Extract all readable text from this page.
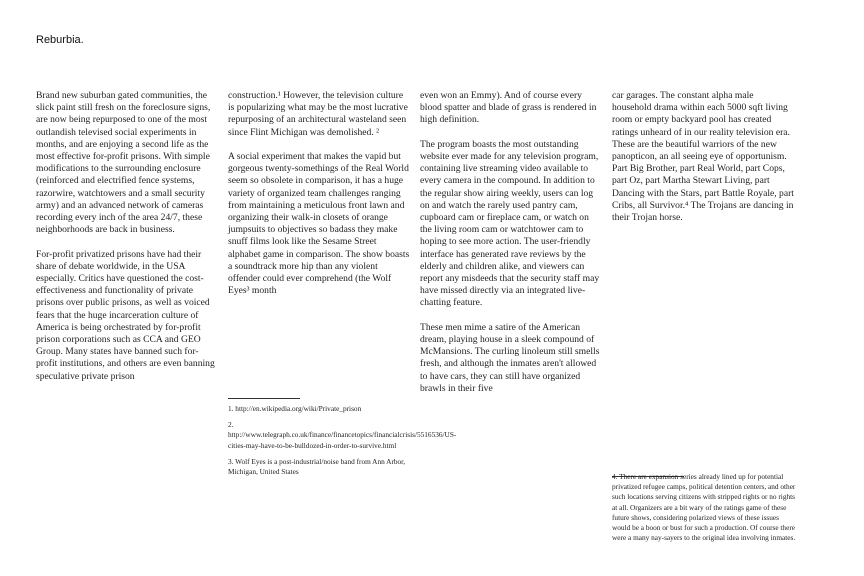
Reburbia.

Brand new suburban gated communities, the slick paint still fresh on the foreclosure signs, are now being repurposed to one of the most outlandish televised social experiments in months, and are enjoying a second life as the most effective for-profit prisons. With simple modifications to the surrounding enclosure (reinforced and electrified fence systems, razorwire, watchtowers and a small security army) and an advanced network of cameras recording every inch of the area 24/7, these neighborhoods are back in business.

For-profit privatized prisons have had their share of debate worldwide, in the USA especially. Critics have questioned the cost-effectiveness and functionality of private prisons over public prisons, as well as voiced fears that the huge incarceration culture of America is being orchestrated by for-profit prison corporations such as CCA and GEO Group. Many states have banned such for-profit institutions, and others are even banning speculative private prison

construction.¹ However, the television culture is popularizing what may be the most lucrative repurposing of an architectural wasteland seen since Flint Michigan was demolished. ²

A social experiment that makes the vapid but gorgeous twenty-somethings of the Real World seem so obsolete in comparison, it has a huge variety of organized team challenges ranging from maintaining a meticulous front lawn and organizing their walk-in closets of orange jumpsuits to objectives so badass they make snuff films look like the Sesame Street alphabet game in comparison. The show boasts a soundtrack more hip than any violent offender could ever comprehend (the Wolf Eyes³ month

even won an Emmy). And of course every blood spatter and blade of grass is rendered in high definition.

The program boasts the most outstanding website ever made for any television program, containing live streaming video available to every camera in the compound. In addition to the regular show airing weekly, users can log on and watch the rarely used pantry cam, cupboard cam or fireplace cam, or watch on the living room cam or watchtower cam to hoping to see more action. The user-friendly interface has generated rave reviews by the elderly and children alike, and viewers can report any misdeeds that the security staff may have missed directly via an integrated live-chatting feature.

These men mime a satire of the American dream, playing house in a sleek compound of McMansions. The curling linoleum still smells fresh, and although the inmates aren't allowed to have cars, they can still have organized brawls in their five

car garages. The constant alpha male household drama within each 5000 sqft living room or empty backyard pool has created ratings unheard of in our reality television era. These are the beautiful warriors of the new panopticon, an all seeing eye of opportunism. Part Big Brother, part Real World, part Cops, part Oz, part Martha Stewart Living, part Dancing with the Stars, part Battle Royale, part Cribs, all Survivor.⁴ The Trojans are dancing in their Trojan horse.

1. http://en.wikipedia.org/wiki/Private_prison

2. http://www.telegraph.co.uk/finance/financetopics/financialcrisis/5516536/US-cities-may-have-to-be-bulldozed-in-order-to-survive.html

3. Wolf Eyes is a post-industrial/noise band from Ann Arbor, Michigan, United States

4. There are expansion series already lined up for potential privatized refugee camps, political detention centers, and other such locations serving citizens with stripped rights or no rights at all. Organizers are a bit wary of the ratings game of these future shows, considering polarized views of these issues would be a boon or bust for such a production. Of course there were a many nay-sayers to the original idea involving inmates.
